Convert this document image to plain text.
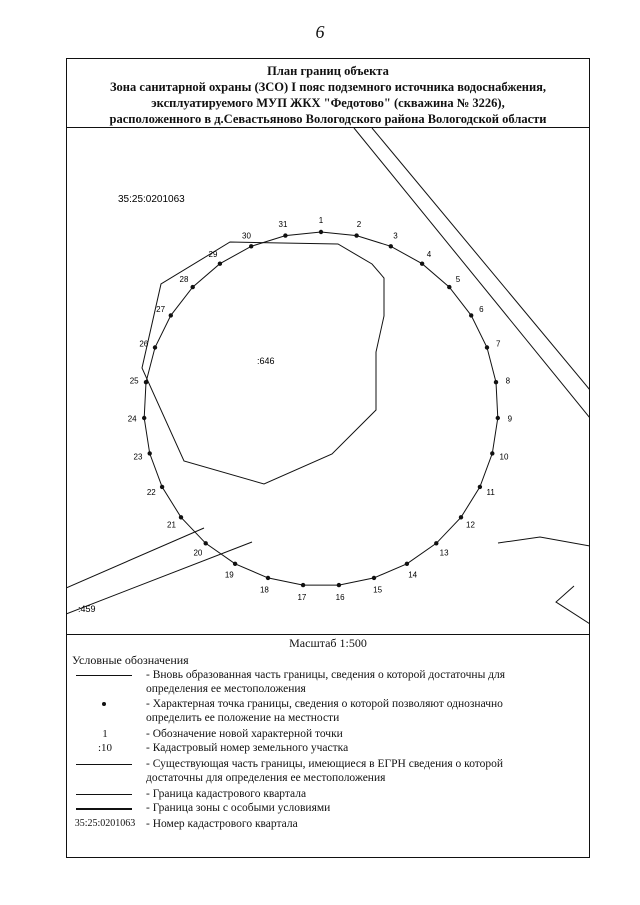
6
План границ объекта
Зона санитарной охраны (ЗСО) I пояс подземного источника водоснабжения,
эксплуатируемого МУП ЖКХ "Федотово" (скважина № 3226),
расположенного в д.Севастьяново Вологодского района Вологодской области
1	2
3
4
5
6
7
8
9
10
11
12
13
14
15
16
17
18
19
20
21
22
23
24
25
26
27
28
29
30
31
35:25:0201063
:646
:459
Масштаб 1:500
Условные обозначения
- Вновь образованная часть границы, сведения о которой достаточны для определения ее местоположения
- Характерная точка границы, сведения о которой позволяют однозначно определить ее положение на местности
1	- Обозначение новой характерной точки
:10	- Кадастровый номер земельного участка
- Существующая часть границы, имеющиеся в ЕГРН сведения о которой достаточны для определения ее местоположения
- Граница кадастрового квартала
- Граница зоны с особыми условиями
35:25:0201063 - Номер кадастрового квартала
